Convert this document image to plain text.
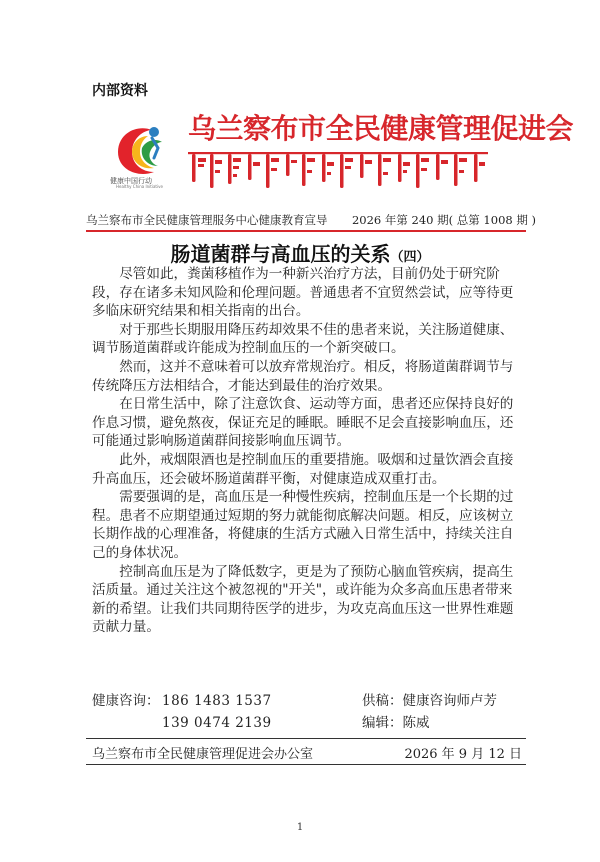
内部资料
健康中国行动
Healthy China Initiative
乌兰察布市全民健康管理促进会
乌兰察布市全民健康管理服务中心健康教育宣导 2026 年第 240 期( 总第 1008 期 )
肠道菌群与高血压的关系（四）

尽管如此，粪菌移植作为一种新兴治疗方法，目前仍处于研究阶段，存在诸多未知风险和伦理问题。普通患者不宜贸然尝试，应等待更多临床研究结果和相关指南的出台。

对于那些长期服用降压药却效果不佳的患者来说，关注肠道健康、调节肠道菌群或许能成为控制血压的一个新突破口。

然而，这并不意味着可以放弃常规治疗。相反，将肠道菌群调节与传统降压方法相结合，才能达到最佳的治疗效果。

在日常生活中，除了注意饮食、运动等方面，患者还应保持良好的作息习惯，避免熬夜，保证充足的睡眠。睡眠不足会直接影响血压，还可能通过影响肠道菌群间接影响血压调节。

此外，戒烟限酒也是控制血压的重要措施。吸烟和过量饮酒会直接升高血压，还会破坏肠道菌群平衡，对健康造成双重打击。

需要强调的是，高血压是一种慢性疾病，控制血压是一个长期的过程。患者不应期望通过短期的努力就能彻底解决问题。相反，应该树立长期作战的心理准备，将健康的生活方式融入日常生活中，持续关注自己的身体状况。

控制高血压是为了降低数字，更是为了预防心脑血管疾病，提高生活质量。通过关注这个被忽视的"开关"，或许能为众多高血压患者带来新的希望。让我们共同期待医学的进步，为攻克高血压这一世界性难题贡献力量。

健康咨询： 186 1483 1537	供稿：健康咨询师卢芳
139 0474 2139	编辑：陈威
乌兰察布市全民健康管理促进会办公室	2026 年 9 月 12 日
1
